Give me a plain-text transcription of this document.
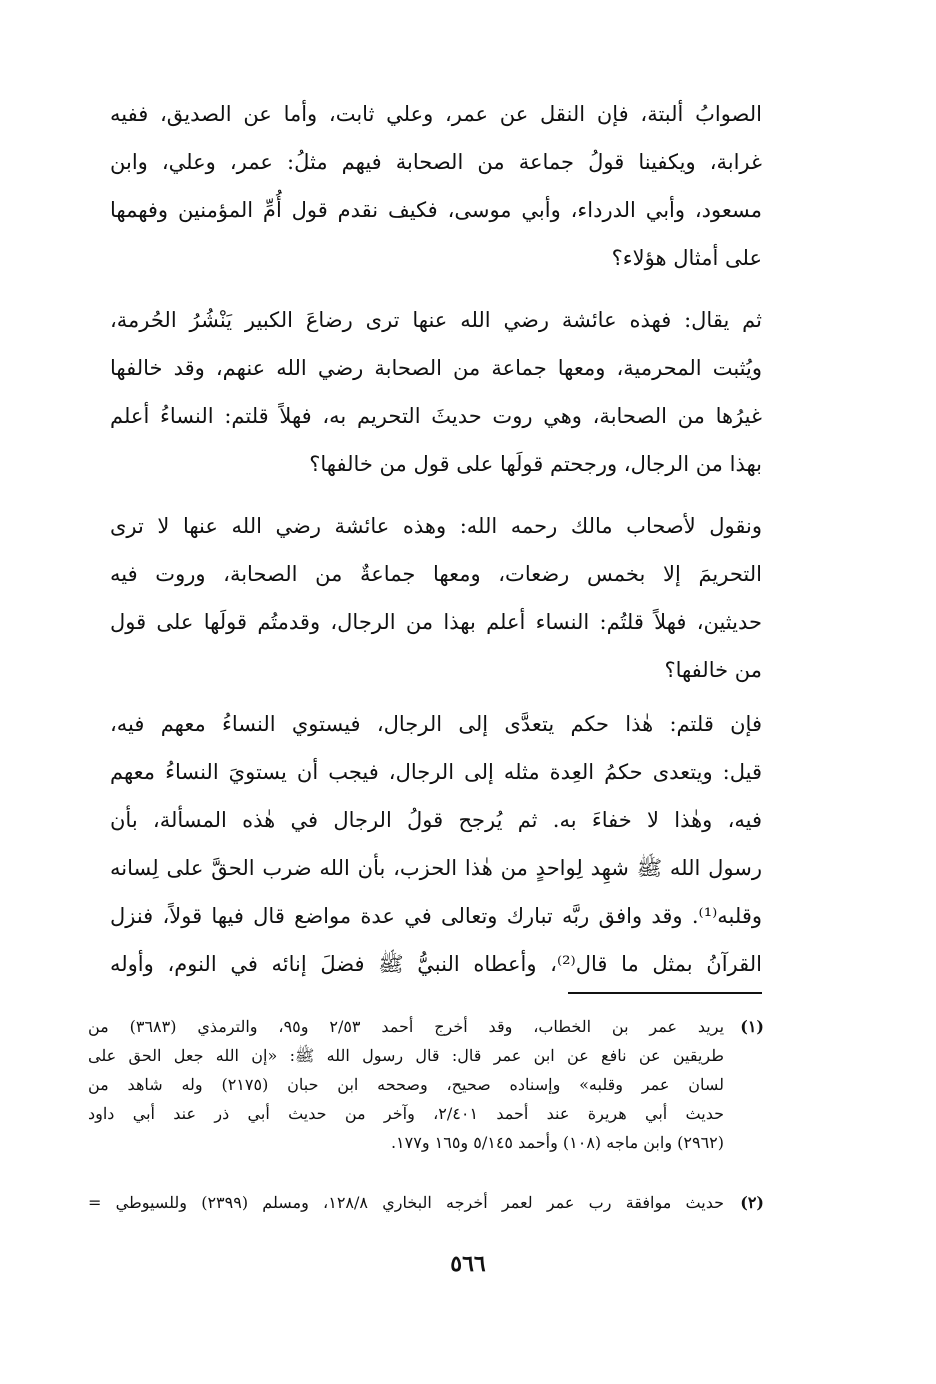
الصوابُ ألبتة، فإن النقل عن عمر، وعلي ثابت، وأما عن الصديق، ففيه
غرابة، ويكفينا قولُ جماعة من الصحابة فيهم مثلُ: عمر، وعلي، وابن
مسعود، وأبي الدرداء، وأبي موسى، فكيف نقدم قول أُمِّ المؤمنين وفهمها
على أمثال هؤلاء؟
ثم يقال: فهذه عائشة رضي الله عنها ترى رضاعَ الكبير يَنْشُرُ الحُرمة،
ويُثبت المحرمية، ومعها جماعة من الصحابة رضي الله عنهم، وقد خالفها
غيرُها من الصحابة، وهي روت حديثَ التحريم به، فهلاً قلتم: النساءُ أعلم
بهذا من الرجال، ورجحتم قولَها على قول من خالفها؟
ونقول لأصحاب مالك رحمه الله: وهذه عائشة رضي الله عنها لا ترى
التحريمَ إلا بخمس رضعات، ومعها جماعةٌ من الصحابة، وروت فيه
حديثين، فهلاً قلتُم: النساء أعلم بهذا من الرجال، وقدمتُم قولَها على قول
من خالفها؟
فإن قلتم: هٰذا حكم يتعدَّى إلى الرجال، فيستوي النساءُ معهم فيه،
قيل: ويتعدى حكمُ العِدة مثله إلى الرجال، فيجب أن يستويَ النساءُ معهم
فيه، وهٰذا لا خفاءَ به. ثم يُرجح قولُ الرجال في هٰذه المسألة، بأن
رسول الله ﷺ شهِد لِواحدٍ من هٰذا الحزب، بأن الله ضرب الحقَّ على لِسانه
وقلبه⁽¹⁾. وقد وافق ربَّه تبارك وتعالى في عدة مواضع قال فيها قولاً، فنزل
القرآنُ بمثل ما قال⁽²⁾، وأعطاه النبيُّ ﷺ فضلَ إنائه في النوم، وأوله
(١)
يريد عمر بن الخطاب، وقد أخرج أحمد ٢/٥٣ و٩٥، والترمذي (٣٦٨٣) من
طريقين عن نافع عن ابن عمر قال: قال رسول الله ﷺ: «إن الله جعل الحق على
لسان عمر وقلبه» وإسناده صحيح، وصححه ابن حبان (٢١٧٥) وله شاهد من
حديث أبي هريرة عند أحمد ٢/٤٠١، وآخر من حديث أبي ذر عند أبي داود
(٢٩٦٢) وابن ماجه (١٠٨) وأحمد ٥/١٤٥ و١٦٥ و١٧٧.
(٢)
حديث موافقة رب عمر لعمر أخرجه البخاري ١٢٨/٨، ومسلم (٢٣٩٩) وللسيوطي =
٥٦٦
